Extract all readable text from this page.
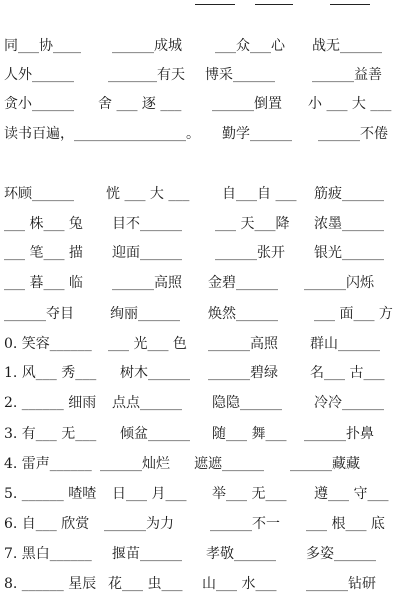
同___协____ ______成城 ___众___心 战无______
人外______ _______有天 博采______	______益善
贪小______ 舍 ___ 逐 ___ ______倒置 小 ___ 大 ___
读书百遍，________________。 勤学______ ______不倦
环顾______ 恍 ___ 大 ___ 自___自 ___ 筋疲______
___ 株___ 兔 目不______ ___ 天___降 浓墨______
___ 笔___ 描 迎面______ ______张开 银光______
___ 暮___ 临 ______高照 金碧______ ______闪烁
______夺目	绚丽______ 焕然______	___ 面___ 方
0. 笑容______ ___ 光___ 色 ______高照 群山______
1. 风___ 秀___ 树木______ ______碧绿 名___ 古___
2. ______ 细雨 点点______ 隐隐______ 冷冷______
3. 有___ 无___ 倾盆______ 随___ 舞___ ______扑鼻
4. 雷声______ ______灿烂 遮遮______ ______藏藏
5. ______ 喳喳 日___ 月___ 举___ 无___ 遵___ 守___
6. 自___ 欣赏 ______为力	______不一 ___ 根___ 底
7. 黑白______ 揠苗______ 孝敬______ 多姿______
8. ______ 星辰 花___ 虫___ 山___ 水___ ______钻研
